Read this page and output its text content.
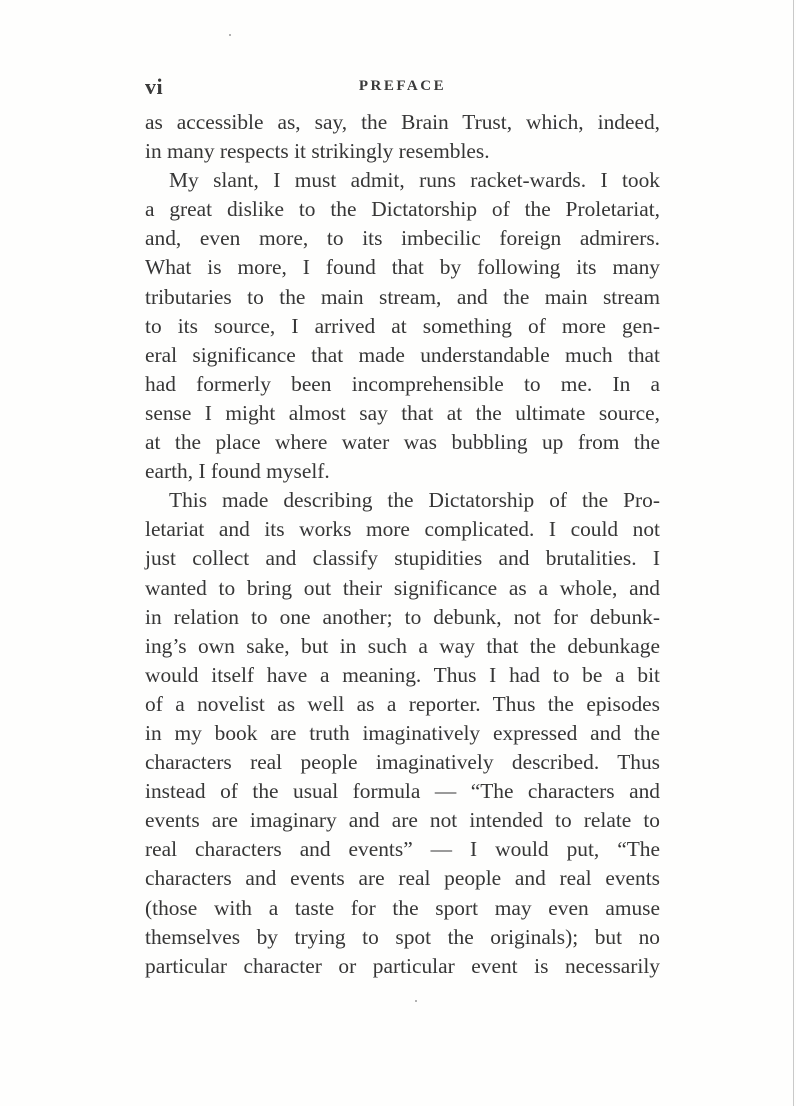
vi	PREFACE
as accessible as, say, the Brain Trust, which, indeed,
in many respects it strikingly resembles.
My slant, I must admit, runs racket-wards. I took
a great dislike to the Dictatorship of the Proletariat,
and, even more, to its imbecilic foreign admirers.
What is more, I found that by following its many
tributaries to the main stream, and the main stream
to its source, I arrived at something of more gen-
eral significance that made understandable much that
had formerly been incomprehensible to me. In a
sense I might almost say that at the ultimate source,
at the place where water was bubbling up from the
earth, I found myself.
This made describing the Dictatorship of the Pro-
letariat and its works more complicated. I could not
just collect and classify stupidities and brutalities. I
wanted to bring out their significance as a whole, and
in relation to one another; to debunk, not for debunk-
ing’s own sake, but in such a way that the debunkage
would itself have a meaning. Thus I had to be a bit
of a novelist as well as a reporter. Thus the episodes
in my book are truth imaginatively expressed and the
characters real people imaginatively described. Thus
instead of the usual formula — “The characters and
events are imaginary and are not intended to relate to
real characters and events” — I would put, “The
characters and events are real people and real events
(those with a taste for the sport may even amuse
themselves by trying to spot the originals); but no
particular character or particular event is necessarily
